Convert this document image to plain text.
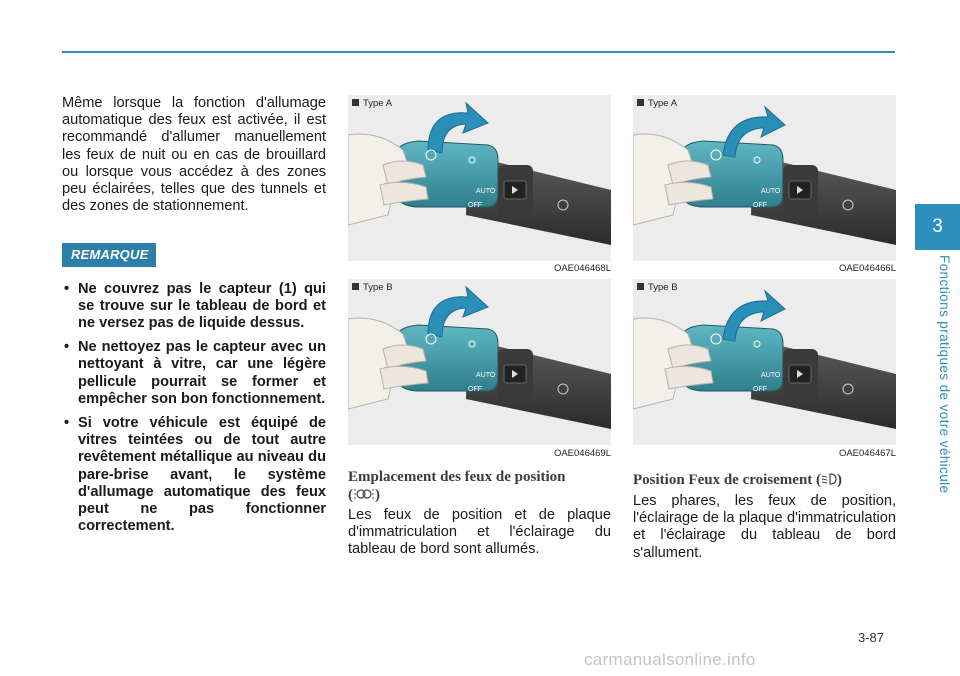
Même lorsque la fonction d'allumage automatique des feux est activée, il est recommandé d'allumer manuellement les feux de nuit ou en cas de brouillard ou lorsque vous accédez à des zones peu éclairées, telles que des tunnels et des zones de stationnement.

REMARQUE
• Ne couvrez pas le capteur (1) qui se trouve sur le tableau de bord et ne versez pas de liquide dessus.
• Ne nettoyez pas le capteur avec un nettoyant à vitre, car une légère pellicule pourrait se former et empêcher son bon fonctionnement.
• Si votre véhicule est équipé de vitres teintées ou de tout autre revêtement métallique au niveau du pare-brise avant, le système d'allumage automatique des feux peut ne pas fonctionner correctement.
AUTO
OFF
Type A
OAE046468L
AUTO
OFF
Type B
OAE046469L
AUTO
OFF
Type A
OAE046466L
AUTO
OFF
Type B
OAE046467L
Emplacement des feux de position
( )

Les feux de position et de plaque d'immatriculation et l'éclairage du tableau de bord sont allumés.

Position Feux de croisement ( )

Les phares, les feux de position, l'éclairage de la plaque d'immatriculation et l'éclairage du tableau de bord s'allument.

3
Fonctions pratiques de votre véhicule
3-87
carmanualsonline.info
